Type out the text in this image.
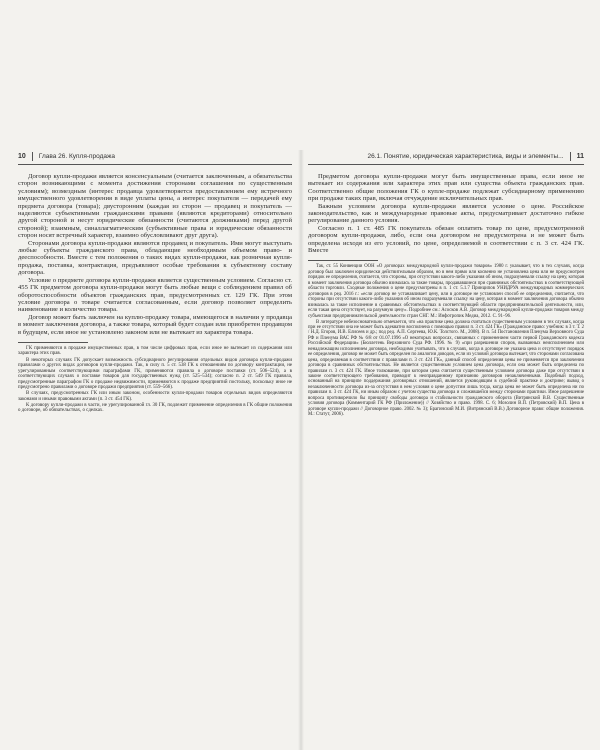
10 Глава 26. Купля-продажа

Договор купли-продажи является консенсуальным (считается заключенным, а обязательства сторон возникающими с момента достижения сторонами соглашения по существенным условиям); возмездным (интерес продавца удовлетворяется предоставлением ему встречного имущественного удовлетворения в виде уплаты цены, а интерес покупателя — передачей ему предмета договора (товара); двусторонним (каждая из сторон — продавец и покупатель — наделяются субъективными гражданскими правами (являются кредиторами) относительно другой стороной и несут юридические обязанности (считаются должниками) перед другой стороной); взаимным, синаллагматическим (субъективные права и юридические обязанности сторон носят встречный характер, взаимно обусловливают друг друга).

Сторонами договора купли-продажи являются продавец и покупатель. Ими могут выступать любые субъекты гражданского права, обладающие необходимым объемом право- и дееспособности. Вместе с тем положения о таких видах купли-продажи, как розничная купля-продажа, поставка, контрактация, предъявляют особые требования к субъектному составу договора.

Условие о предмете договора купли-продажи является существенным условием. Согласно ст. 455 ГК предметом договора купли-продажи могут быть любые вещи с соблюдением правил об оборотоспособности объектов гражданских прав, предусмотренных ст. 129 ГК. При этом условие договора о товаре считается согласованным, если договор позволяет определить наименование и количество товара.

Договор может быть заключен на куплю-продажу товара, имеющегося в наличии у продавца в момент заключения договора, а также товара, который будет создан или приобретен продавцом в будущем, если иное не установлено законом или не вытекает из характера товара.

ГК применяются в продаже имущественных прав, в том числе цифровых прав, если иное не вытекает из содержания или характера этих прав.

В некоторых случаях ГК допускает возможность субсидиарного регулирования отдельных видов договора купли-продажи правилами о других видах договоров купли-продажи. Так, в силу п. 5 ст. 538 ГК к отношениям по договору контрактации, не урегулированным соответствующими параграфами ГК, применяются правила о договоре поставки (ст. 506–524), а в соответствующих случаях о поставке товаров для государственных нужд (ст. 525–534); согласно п. 2 ст. 549 ГК правила, предусмотренные параграфом ГК о продаже недвижимости, применяются к продаже предприятий постольку, поскольку иное не предусмотрено правилами о договоре продажи предприятия (ст. 559–566).

В случаях, предусмотренных ГК или иным законом, особенности купли-продажи товаров отдельных видов определяются законами и иными правовыми актами (п. 3 ст. 454 ГК).

К договору купли-продажи в части, не урегулированной гл. 30 ГК, подлежит применение определения в ГК общие положения о договоре, об обязательствах, о сделках.

26.1. Понятие, юридическая характеристика, виды и элементы... 11

Предметом договора купли-продажи могут быть имущественные права, если иное не вытекает из содержания или характера этих прав или существа объекта гражданских прав. Соответственно общие положения ГК о купле-продаже подлежат субсидиарному применению при продаже таких прав, включая отчуждение исключительных прав.

Важным условием договора купли-продажи является условие о цене. Российское законодательство, как и международные правовые акты, предусматривает достаточно гибкое регулирование данного условия.

Согласно п. 1 ст. 485 ГК покупатель обязан оплатить товар по цене, предусмотренной договором купли-продажи, либо, если она договором не предусмотрена и не может быть определена исходя из его условий, по цене, определяемой в соответствии с п. 3 ст. 424 ГК. Вместе

Так, ст. 55 Конвенции ООН «О договорах международной купли-продажи товаров» 1980 г. указывает, что в тех случаях, когда договор был заключен юридически действительным образом, но в нем прямо или косвенно не установлена цена или не предусмотрен порядок ее определения, считается, что стороны, при отсутствии какого-либо указания об ином, подразумевали ссылку на цену, которая в момент заключения договора обычно взималась за такие товары, продававшиеся при сравнимых обстоятельствах в соответствующей области торговли. Сходные положения о цене предусмотрены в п. 1 ст. 5.1.7 Принципов УНИДРУА международных коммерческих договоров в ред. 2016 г.: «если договор не устанавливает цену, или в договоре не установлен способ ее определения, считается, что стороны при отсутствии какого-либо указания об ином подразумевали ссылку на цену, которая в момент заключения договора обычно взималась за такое исполнение в сравнимых обстоятельствах в соответствующей области предпринимательской деятельности, или, если такая цена отсутствует, на разумную цену». Подробнее см.: Асосков А.В. Договор международной купли-продажи товаров между субъектами предпринимательской деятельности стран СНГ. М.: Инфотропик Медиа, 2012. С. 91–96.

В литературе небезосновательно отмечается, что «на практике цена должна считаться существенным условием в тех случаях, когда при ее отсутствии она не может быть адекватно восполнена с помощью правил п. 3 ст. 424 ГК» (Гражданское право: учебник: в 3 т. Т. 2 / Н.Д. Егоров, И.В. Елисеев и др.; под ред. А.П. Сергеева, Ю.К. Толстого. М., 2008). В п. 54 Постановления Пленума Верховного Суда РФ и Пленума ВАС РФ № 6/8 от 01.07.1996 «О некоторых вопросах, связанных с применением части первой Гражданского кодекса Российской Федерации» (Бюллетень Верховного Суда РФ. 1996. № 9) «при разрешении споров, вызванных неисполнением или ненадлежащим исполнением договора, необходимо учитывать, что в случаях, когда в договоре не указана цена и отсутствует порядок ее определения, договор не может быть определен по аналогии доводов, если из условий договора вытекает, что сторонами согласована цена, определяемая в соответствии с правилами п. 3 ст. 424 ГК», данный способ определения цены не применяется при заключении договора в сравнимых обстоятельствах. Не является существенным условием цена договора, если она может быть определена по правилам п. 3 ст. 424 ГК. Иное толкование, при котором цена считается существенным условием договора даже при отсутствии в законе соответствующего требования, приводит к неоправданному признанию договоров незаключенными. Подобный подход, основанный на принципе поддержания договорных отношений, является руководящим в судебной практике и доктрине; вывод о незаключенности договора из-за отсутствия в нем условия о цене допустим лишь тогда, когда цена не может быть определена ни по правилам п. 3 ст. 424 ГК, ни иным образом с учетом существа договора и сложившейся между сторонами практики. Иное разрешение вопроса противоречило бы принципу свободы договора и стабильности гражданского оборота (Витрянский В.В. Существенные условия договора (Комментарий ГК РФ (Приложение)) // Хозяйство и право. 1998. С. 6; Мозолин В.П. (Петровский) В.П. Цена в договоре купли-продажи // Договорное право. 2002. № 3); Брагинский М.И. (Витрянский В.В.) Договорное право: общие положения. М.: Статут, 2006).
